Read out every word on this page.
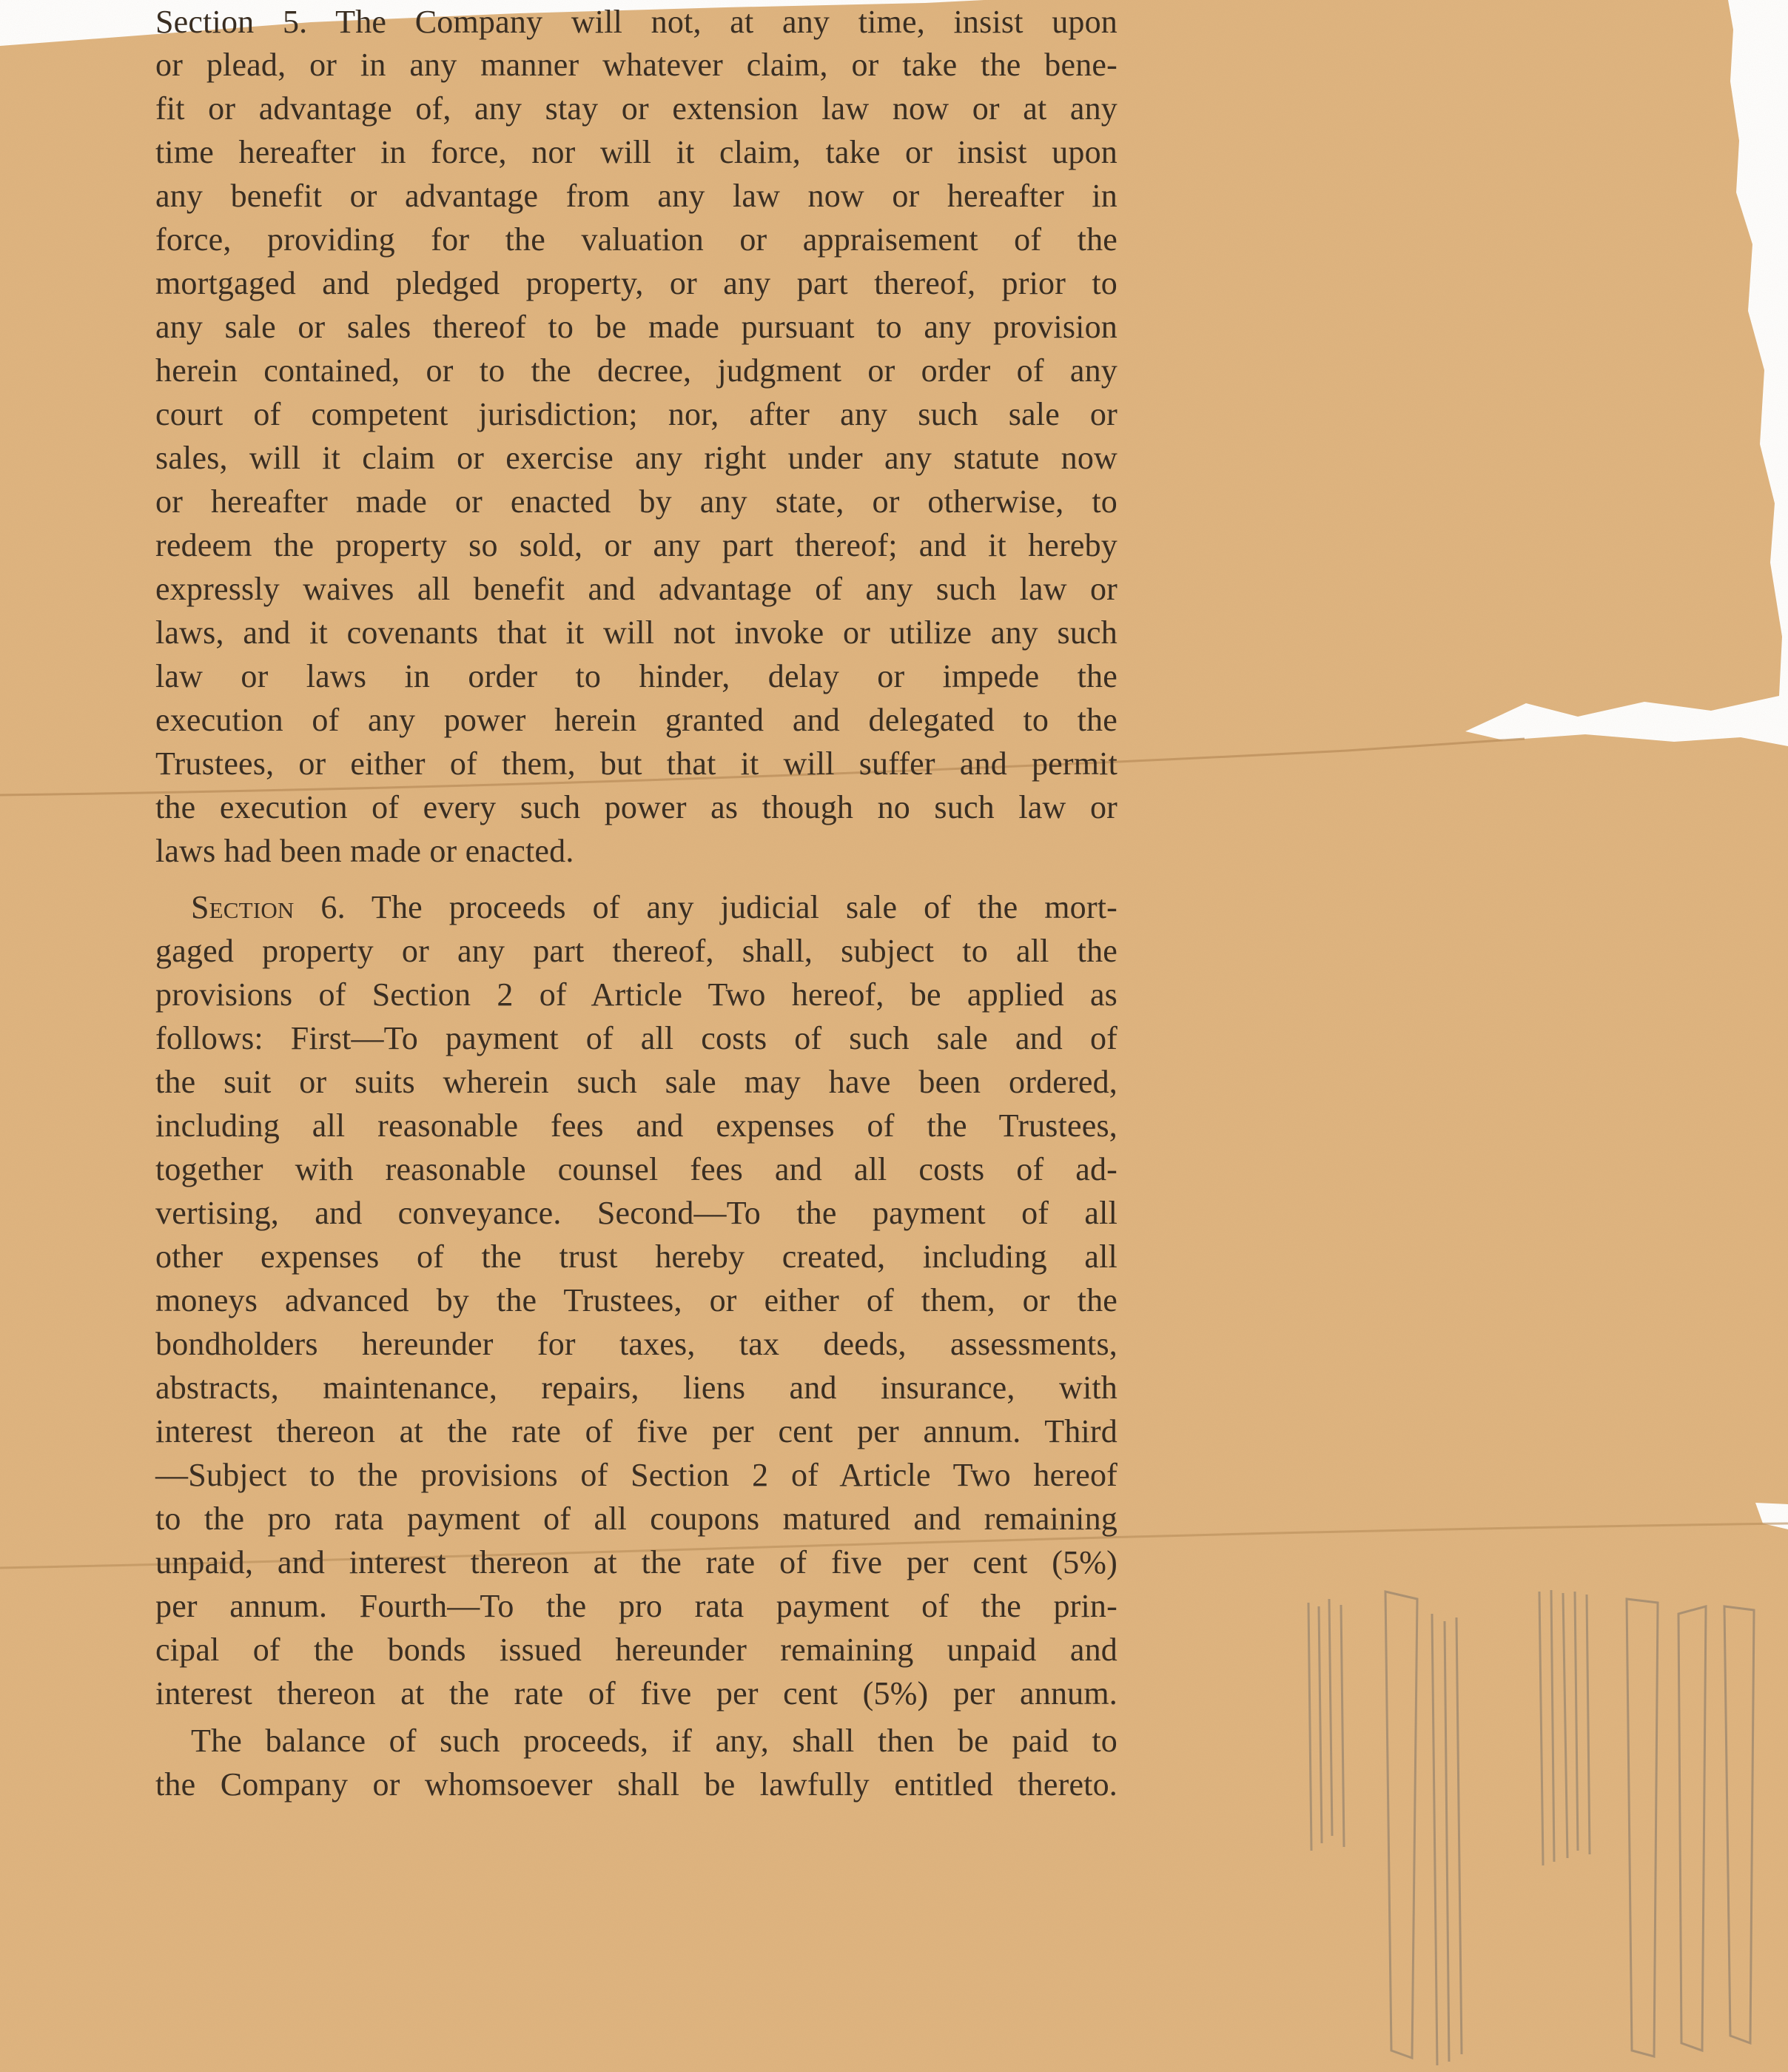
Section 5. The Company will not, at any time, insist upon
or plead, or in any manner whatever claim, or take the bene-
fit or advantage of, any stay or extension law now or at any
time hereafter in force, nor will it claim, take or insist upon
any benefit or advantage from any law now or hereafter in
force, providing for the valuation or appraisement of the
mortgaged and pledged property, or any part thereof, prior to
any sale or sales thereof to be made pursuant to any provision
herein contained, or to the decree, judgment or order of any
court of competent jurisdiction; nor, after any such sale or
sales, will it claim or exercise any right under any statute now
or hereafter made or enacted by any state, or otherwise, to
redeem the property so sold, or any part thereof; and it hereby
expressly waives all benefit and advantage of any such law or
laws, and it covenants that it will not invoke or utilize any such
law or laws in order to hinder, delay or impede the
execution of any power herein granted and delegated to the
Trustees, or either of them, but that it will suffer and permit
the execution of every such power as though no such law or
laws had been made or enacted.
Section 6. The proceeds of any judicial sale of the mort-
gaged property or any part thereof, shall, subject to all the
provisions of Section 2 of Article Two hereof, be applied as
follows: First—To payment of all costs of such sale and of
the suit or suits wherein such sale may have been ordered,
including all reasonable fees and expenses of the Trustees,
together with reasonable counsel fees and all costs of ad-
vertising, and conveyance. Second—To the payment of all
other expenses of the trust hereby created, including all
moneys advanced by the Trustees, or either of them, or the
bondholders hereunder for taxes, tax deeds, assessments,
abstracts, maintenance, repairs, liens and insurance, with
interest thereon at the rate of five per cent per annum. Third
—Subject to the provisions of Section 2 of Article Two hereof
to the pro rata payment of all coupons matured and remaining
unpaid, and interest thereon at the rate of five per cent (5%)
per annum. Fourth—To the pro rata payment of the prin-
cipal of the bonds issued hereunder remaining unpaid and
interest thereon at the rate of five per cent (5%) per annum.
The balance of such proceeds, if any, shall then be paid to
the Company or whomsoever shall be lawfully entitled thereto.
